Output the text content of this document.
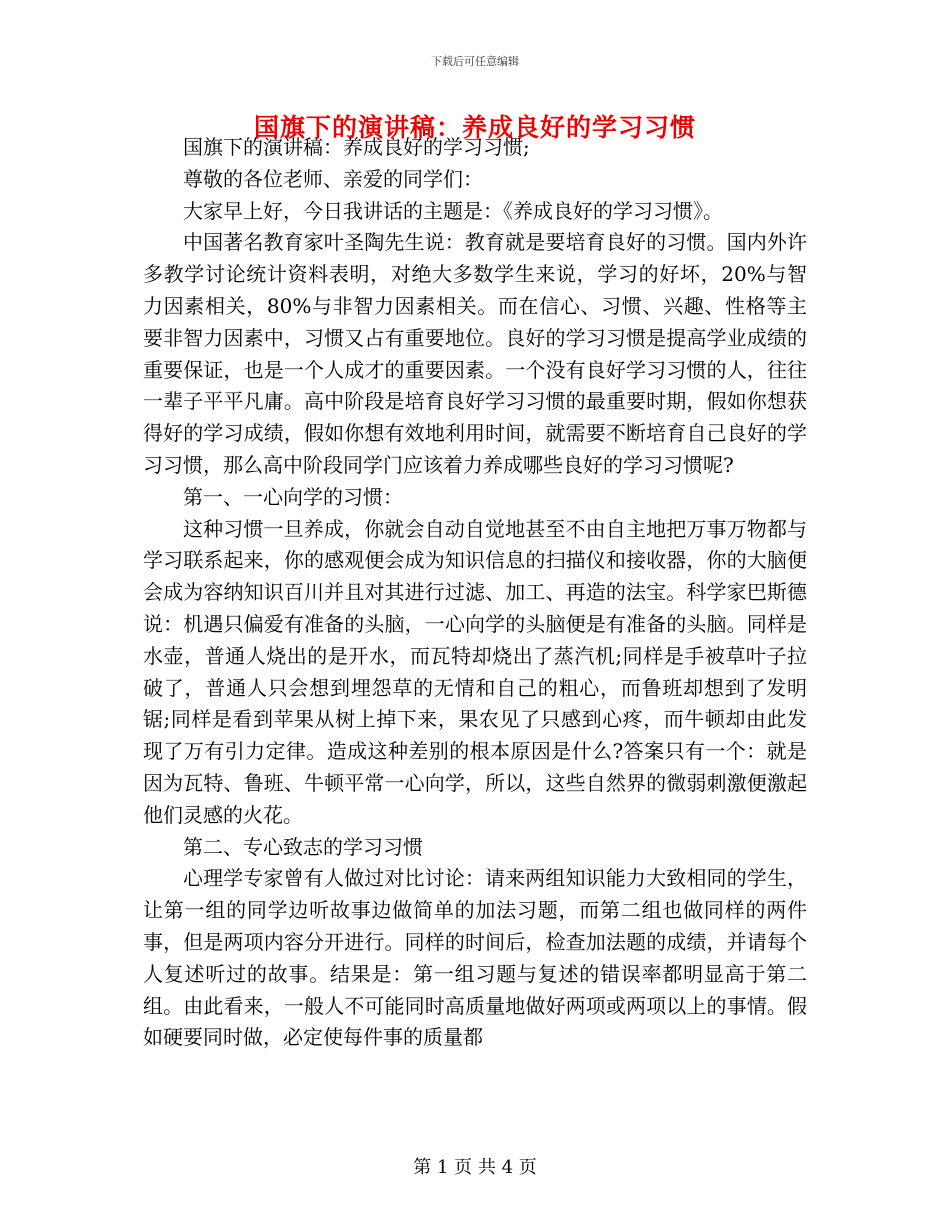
下载后可任意编辑
国旗下的演讲稿：养成良好的学习习惯

国旗下的演讲稿：养成良好的学习习惯;

尊敬的各位老师、亲爱的同学们：

大家早上好，今日我讲话的主题是：《养成良好的学习习惯》。

中国著名教育家叶圣陶先生说：教育就是要培育良好的习惯。国内外许多教学讨论统计资料表明，对绝大多数学生来说，学习的好坏，20%与智力因素相关，80%与非智力因素相关。而在信心、习惯、兴趣、性格等主要非智力因素中，习惯又占有重要地位。良好的学习习惯是提高学业成绩的重要保证，也是一个人成才的重要因素。一个没有良好学习习惯的人，往往一辈子平平凡庸。高中阶段是培育良好学习习惯的最重要时期，假如你想获得好的学习成绩，假如你想有效地利用时间，就需要不断培育自己良好的学习习惯，那么高中阶段同学门应该着力养成哪些良好的学习习惯呢?

第一、一心向学的习惯：

这种习惯一旦养成，你就会自动自觉地甚至不由自主地把万事万物都与学习联系起来，你的感观便会成为知识信息的扫描仪和接收器，你的大脑便会成为容纳知识百川并且对其进行过滤、加工、再造的法宝。科学家巴斯德说：机遇只偏爱有准备的头脑，一心向学的头脑便是有准备的头脑。同样是水壶，普通人烧出的是开水，而瓦特却烧出了蒸汽机;同样是手被草叶子拉破了，普通人只会想到埋怨草的无情和自己的粗心，而鲁班却想到了发明锯;同样是看到苹果从树上掉下来，果农见了只感到心疼，而牛顿却由此发现了万有引力定律。造成这种差别的根本原因是什么?答案只有一个：就是因为瓦特、鲁班、牛顿平常一心向学，所以，这些自然界的微弱刺激便激起他们灵感的火花。

第二、专心致志的学习习惯

心理学专家曾有人做过对比讨论：请来两组知识能力大致相同的学生，让第一组的同学边听故事边做简单的加法习题，而第二组也做同样的两件事，但是两项内容分开进行。同样的时间后，检查加法题的成绩，并请每个人复述听过的故事。结果是：第一组习题与复述的错误率都明显高于第二组。由此看来，一般人不可能同时高质量地做好两项或两项以上的事情。假如硬要同时做，必定使每件事的质量都

第 1 页 共 4 页
